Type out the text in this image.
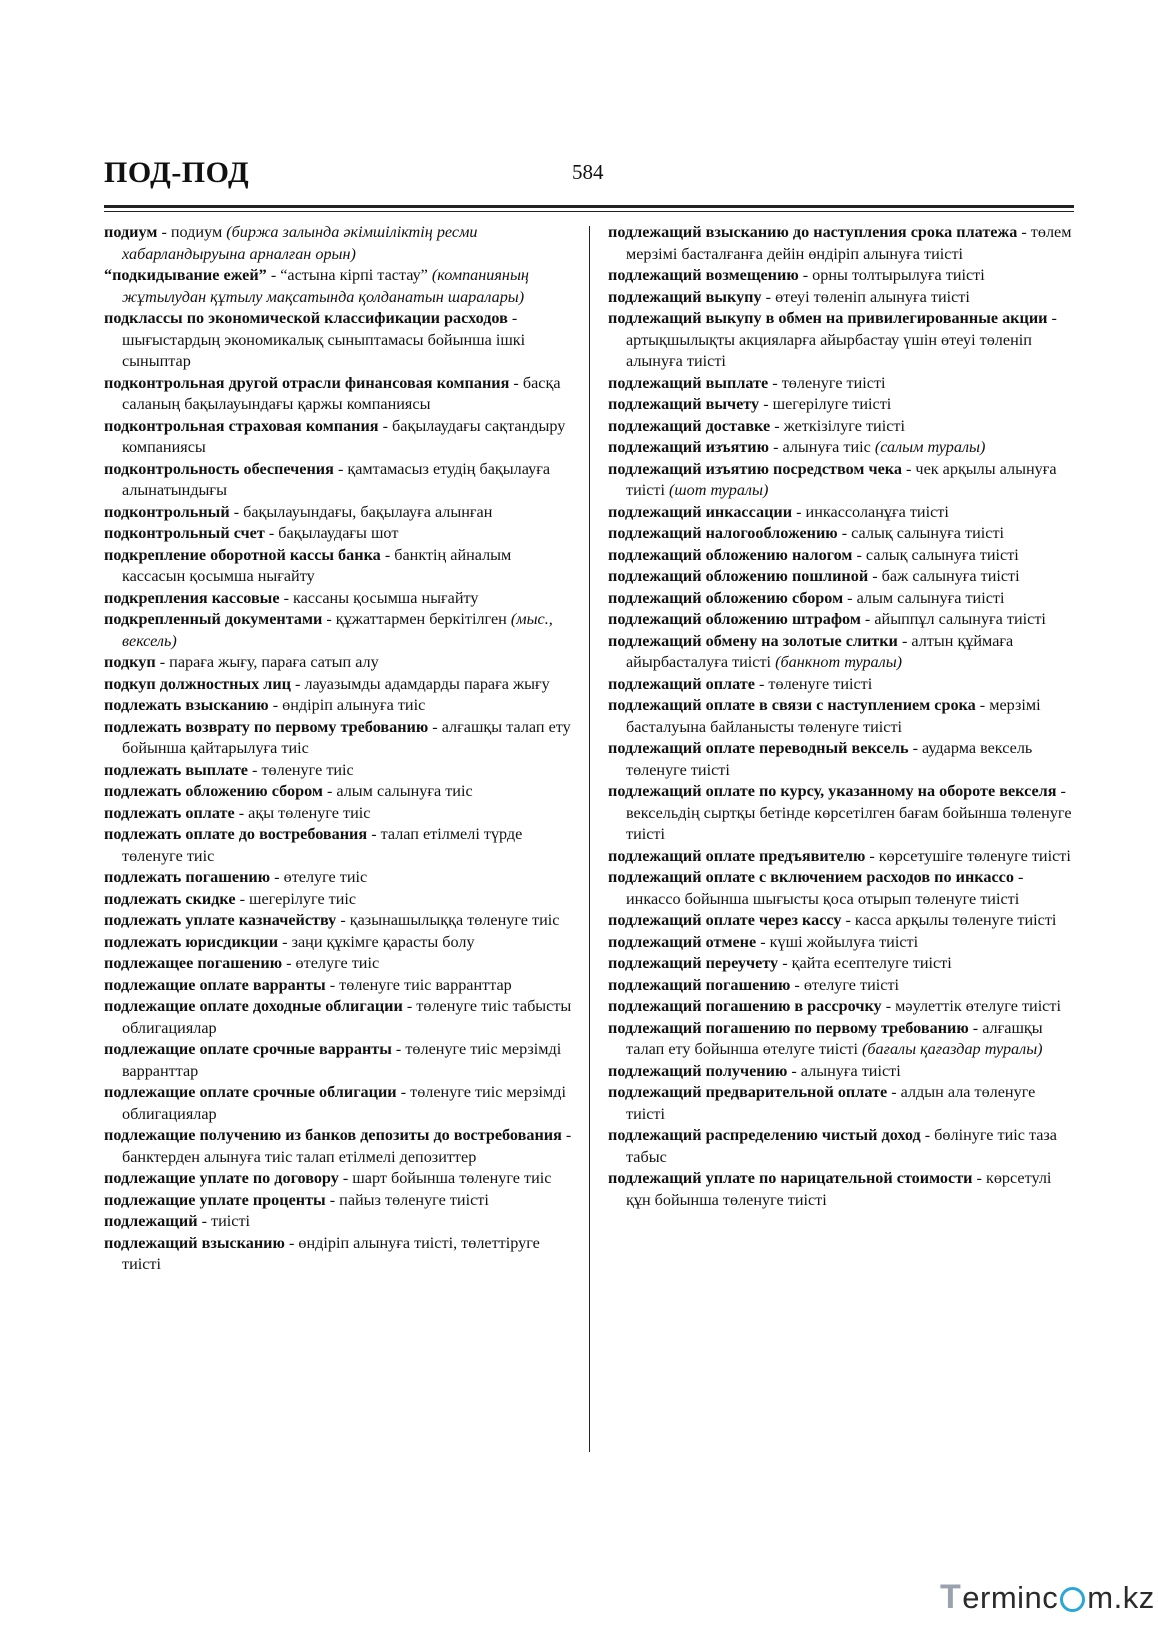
ПОД-ПОД	584
подиум - подиум (биржа залында әкімшіліктің ресми хабарландыруына арналған орын)
“подкидывание ежей” - “астына кірпі тастау” (компанияның жұтылудан құтылу мақсатында қолданатын шаралары)
подклассы по экономической классификации расходов - шығыстардың экономикалық сыныптамасы бойынша ішкі сыныптар
подконтрольная другой отрасли финансовая компания - басқа саланың бақылауындағы қаржы компаниясы
подконтрольная страховая компания - бақылаудағы сақтандыру компаниясы
подконтрольность обеспечения - қамтамасыз етудің бақылауға алынатындығы
подконтрольный - бақылауындағы, бақылауға алынған
подконтрольный счет - бақылаудағы шот
подкрепление оборотной кассы банка - банктің айналым кассасын қосымша нығайту
подкрепления кассовые - кассаны қосымша нығайту
подкрепленный документами - құжаттармен беркітілген (мыс., вексель)
подкуп - параға жығу, параға сатып алу
подкуп должностных лиц - лауазымды адамдарды параға жығу
подлежать взысканию - өндіріп алынуға тиіс
подлежать возврату по первому требованию - алғашқы талап ету бойынша қайтарылуға тиіс
подлежать выплате - төленуге тиіс
подлежать обложению сбором - алым салынуға тиіс
подлежать оплате - ақы төленуге тиіс
подлежать оплате до востребования - талап етілмелі түрде төленуге тиіс
подлежать погашению - өтелуге тиіс
подлежать скидке - шегерілуге тиіс
подлежать уплате казначейству - қазынашылыққа төленуге тиіс
подлежать юрисдикции - заңи құкімге қарасты болу
подлежащее погашению - өтелуге тиіс
подлежащие оплате варранты - төленуге тиіс варранттар
подлежащие оплате доходные облигации - төленуге тиіс табысты облигациялар
подлежащие оплате срочные варранты - төленуге тиіс мерзімді варранттар
подлежащие оплате срочные облигации - төленуге тиіс мерзімді облигациялар
подлежащие получению из банков депозиты до востребования - банктерден алынуға тиіс талап етілмелі депозиттер
подлежащие уплате по договору - шарт бойынша төленуге тиіс
подлежащие уплате проценты - пайыз төленуге тиісті
подлежащий - тиісті
подлежащий взысканию - өндіріп алынуға тиісті, төлеттіруге тиісті
подлежащий взысканию до наступления срока платежа - төлем мерзімі басталғанға дейін өндіріп алынуға тиісті
подлежащий возмещению - орны толтырылуға тиісті
подлежащий выкупу - өтеуі төленіп алынуға тиісті
подлежащий выкупу в обмен на привилегированные акции - артықшылықты акцияларға айырбастау үшін өтеуі төленіп алынуға тиісті
подлежащий выплате - төленуге тиісті
подлежащий вычету - шегерілуге тиісті
подлежащий доставке - жеткізілуге тиісті
подлежащий изъятию - алынуға тиіс (салым туралы)
подлежащий изъятию посредством чека - чек арқылы алынуға тиісті (шот туралы)
подлежащий инкассации - инкассоланұға тиісті
подлежащий налогообложению - салық салынуға тиісті
подлежащий обложению налогом - салық салынуға тиісті
подлежащий обложению пошлиной - баж салынуға тиісті
подлежащий обложению сбором - алым салынуға тиісті
подлежащий обложению штрафом - айыппұл салынуға тиісті
подлежащий обмену на золотые слитки - алтын құймаға айырбасталуға тиісті (банкнот туралы)
подлежащий оплате - төленуге тиісті
подлежащий оплате в связи с наступлением срока - мерзімі басталуына байланысты төленуге тиісті
подлежащий оплате переводный вексель - аударма вексель төленуге тиісті
подлежащий оплате по курсу, указанному на обороте векселя - вексельдің сыртқы бетінде көрсетілген бағам бойынша төленуге тиісті
подлежащий оплате предъявителю - көрсетушіге төленуге тиісті
подлежащий оплате с включением расходов по инкассо - инкассо бойынша шығысты қоса отырып төленуге тиісті
подлежащий оплате через кассу - касса арқылы төленуге тиісті
подлежащий отмене - күші жойылуға тиісті
подлежащий переучету - қайта есептелуге тиісті
подлежащий погашению - өтелуге тиісті
подлежащий погашению в рассрочку - мәулеттік өтелуге тиісті
подлежащий погашению по первому требованию - алғашқы талап ету бойынша өтелуге тиісті (бағалы қағаздар туралы)
подлежащий получению - алынуға тиісті
подлежащий предварительной оплате - алдын ала төленуге тиісті
подлежащий распределению чистый доход - бөлінуге тиіс таза табыс
подлежащий уплате по нарицательной стоимости - көрсетулі құн бойынша төленуге тиісті
T erminc m.kz
